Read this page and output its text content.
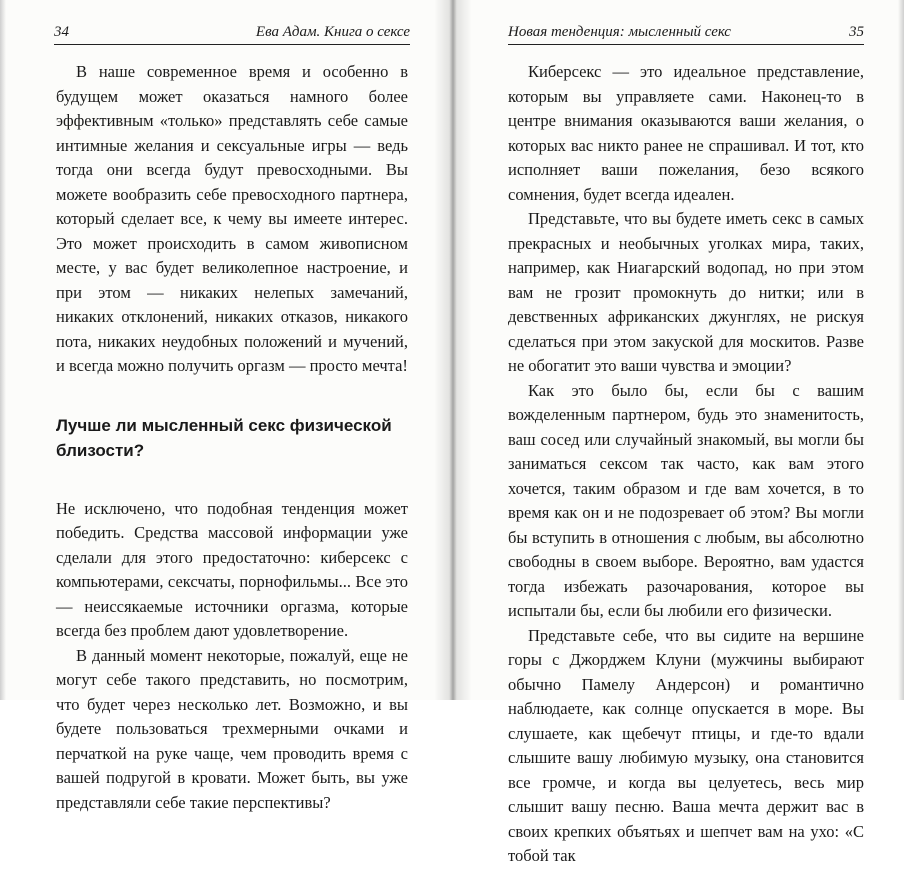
34	Ева Адам. Книга о сексе

В наше современное время и особенно в будущем может оказаться намного более эффективным «только» представлять себе самые интимные желания и сексуальные игры — ведь тогда они всегда будут превосходными. Вы можете вообразить себе превосходного партнера, который сделает все, к чему вы имеете интерес. Это может происходить в самом живописном месте, у вас будет великолепное настроение, и при этом — никаких нелепых замечаний, никаких отклонений, никаких отказов, никакого пота, никаких неудобных положений и мучений, и всегда можно получить оргазм — просто мечта!

Лучше ли мысленный секс физической близости?

Не исключено, что подобная тенденция может победить. Средства массовой информации уже сделали для этого предостаточно: киберсекс с компьютерами, сексчаты, порнофильмы... Все это — неиссякаемые источники оргазма, которые всегда без проблем дают удовлетворение.

В данный момент некоторые, пожалуй, еще не могут себе такого представить, но посмотрим, что будет через несколько лет. Возможно, и вы будете пользоваться трехмерными очками и перчаткой на руке чаще, чем проводить время с вашей подругой в кровати. Может быть, вы уже представляли себе такие перспективы?

Новая тенденция: мысленный секс	35

Киберсекс — это идеальное представление, которым вы управляете сами. Наконец-то в центре внимания оказываются ваши желания, о которых вас никто ранее не спрашивал. И тот, кто исполняет ваши пожелания, безо всякого сомнения, будет всегда идеален.

Представьте, что вы будете иметь секс в самых прекрасных и необычных уголках мира, таких, например, как Ниагарский водопад, но при этом вам не грозит промокнуть до нитки; или в девственных африканских джунглях, не рискуя сделаться при этом закуской для москитов. Разве не обогатит это ваши чувства и эмоции?

Как это было бы, если бы с вашим вожделенным партнером, будь это знаменитость, ваш сосед или случайный знакомый, вы могли бы заниматься сексом так часто, как вам этого хочется, таким образом и где вам хочется, в то время как он и не подозревает об этом? Вы могли бы вступить в отношения с любым, вы абсолютно свободны в своем выборе. Вероятно, вам удастся тогда избежать разочарования, которое вы испытали бы, если бы любили его физически.

Представьте себе, что вы сидите на вершине горы с Джорджем Клуни (мужчины выбирают обычно Памелу Андерсон) и романтично наблюдаете, как солнце опускается в море. Вы слушаете, как щебечут птицы, и где-то вдали слышите вашу любимую музыку, она становится все громче, и когда вы целуетесь, весь мир слышит вашу песню. Ваша мечта держит вас в своих крепких объятьях и шепчет вам на ухо: «С тобой так
